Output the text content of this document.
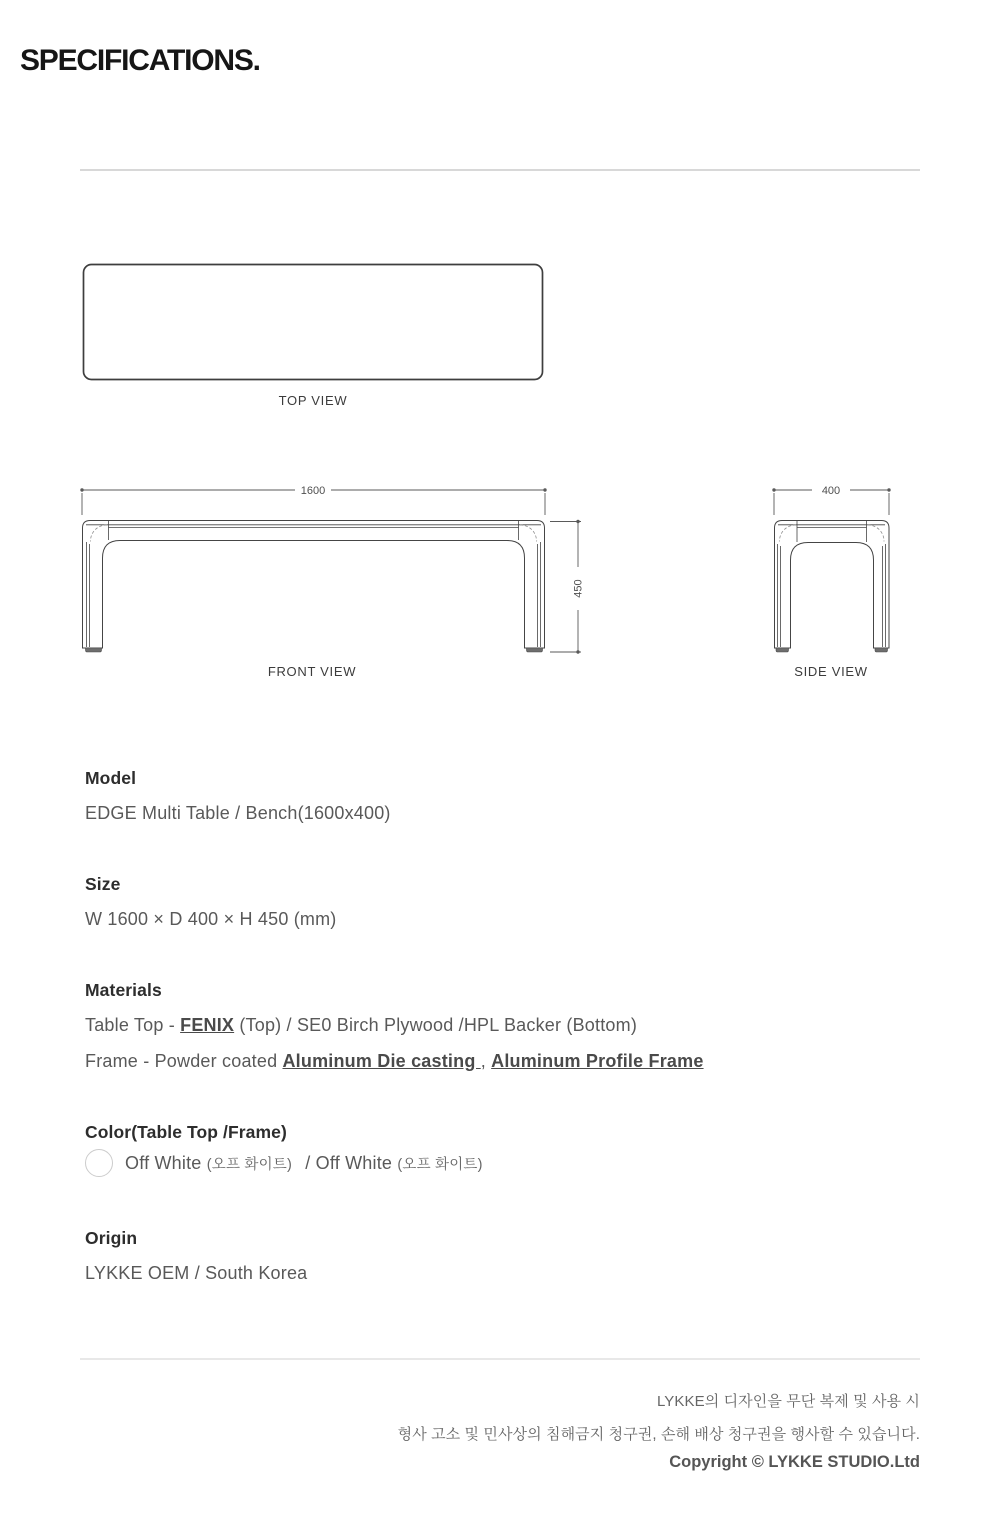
SPECIFICATIONS.
TOP VIEW
1600
450
FRONT VIEW
400
SIDE VIEW
Model
EDGE Multi Table / Bench(1600x400)
Size
W 1600 × D 400 × H 450 (mm)
Materials
Table Top - FENIX (Top) / SE0 Birch Plywood /HPL Backer (Bottom)
Frame - Powder coated Aluminum Die casting , Aluminum Profile Frame
Color(Table Top /Frame)
Off White (오프 화이트) / Off White (오프 화이트)
Origin
LYKKE OEM / South Korea
LYKKE의 디자인을 무단 복제 및 사용 시
형사 고소 및 민사상의 침해금지 청구권, 손해 배상 청구권을 행사할 수 있습니다.
Copyright © LYKKE STUDIO.Ltd
